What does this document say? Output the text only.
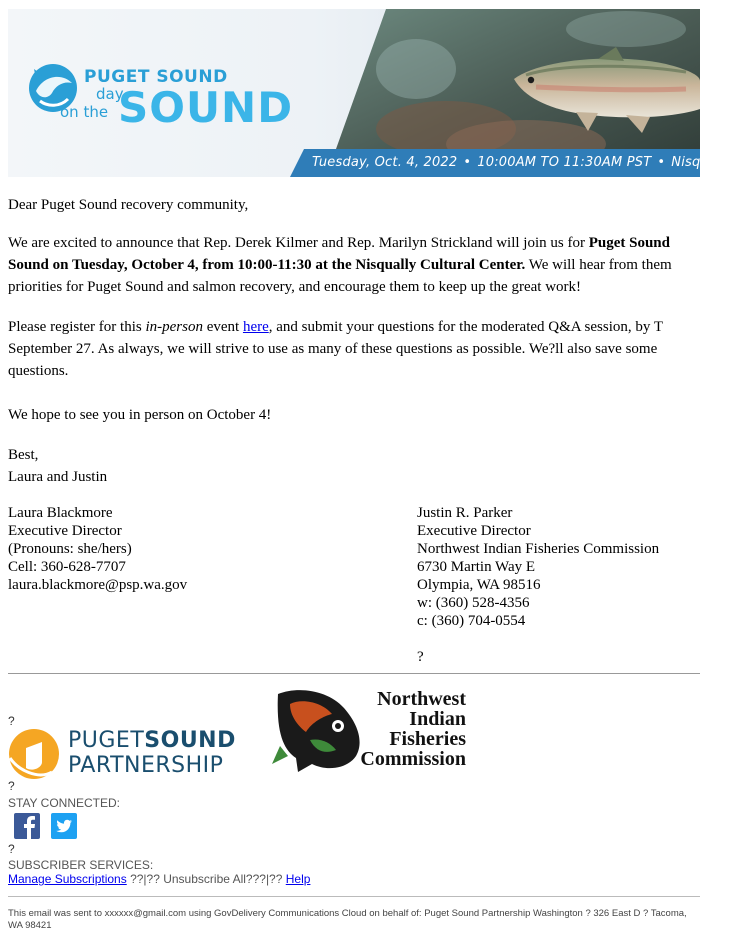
Tuesday, Oct. 4, 2022 • 10:00AM TO 11:30AM PST • Nisqually
PUGET SOUND
day
on the SOUND
Dear Puget Sound recovery community,
We are excited to announce that Rep. Derek Kilmer and Rep. Marilyn Strickland will join us for Puget Sound
Sound on Tuesday, October 4, from 10:00-11:30 at the Nisqually Cultural Center. We will hear from them
priorities for Puget Sound and salmon recovery, and encourage them to keep up the great work!
Please register for this in-person event here, and submit your questions for the moderated Q&A session, by T
September 27. As always, we will strive to use as many of these questions as possible. We?ll also save some
questions.
We hope to see you in person on October 4!
Best,
Laura and Justin
Laura Blackmore
Executive Director
(Pronouns: she/hers)
Cell: 360-628-7707
laura.blackmore@psp.wa.gov
Justin R. Parker
Executive Director
Northwest Indian Fisheries Commission
6730 Martin Way E
Olympia, WA 98516
w: (360) 528-4356
c: (360) 704-0554
?
?
PUGETSOUND
PARTNERSHIP
Northwest
Indian
Fisheries
Commission
?
STAY CONNECTED:
?
SUBSCRIBER SERVICES:
Manage Subscriptions ??|?? Unsubscribe All???|?? Help
This email was sent to xxxxxx@gmail.com using GovDelivery Communications Cloud on behalf of: Puget Sound Partnership Washington ? 326 East D ? Tacoma, WA 98421
